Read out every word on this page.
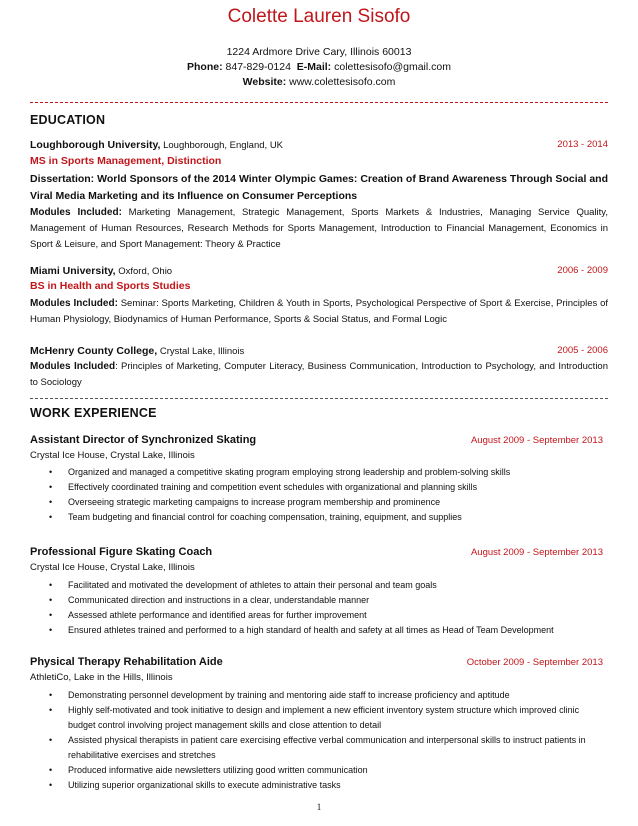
Colette Lauren Sisofo
1224 Ardmore Drive Cary, Illinois 60013
Phone: 847-829-0124 E-Mail: colettesisofo@gmail.com
Website: www.colettesisofo.com
EDUCATION
Loughborough University, Loughborough, England, UK	2013 - 2014
MS in Sports Management, Distinction
Dissertation: World Sponsors of the 2014 Winter Olympic Games: Creation of Brand Awareness Through Social and Viral Media Marketing and its Influence on Consumer Perceptions
Modules Included: Marketing Management, Strategic Management, Sports Markets & Industries, Managing Service Quality, Management of Human Resources, Research Methods for Sports Management, Introduction to Financial Management, Economics in Sport & Leisure, and Sport Management: Theory & Practice
Miami University, Oxford, Ohio	2006 - 2009
BS in Health and Sports Studies
Modules Included: Seminar: Sports Marketing, Children & Youth in Sports, Psychological Perspective of Sport & Exercise, Principles of Human Physiology, Biodynamics of Human Performance, Sports & Social Status, and Formal Logic
McHenry County College, Crystal Lake, Illinois	2005 - 2006
Modules Included: Principles of Marketing, Computer Literacy, Business Communication, Introduction to Psychology, and Introduction to Sociology
WORK EXPERIENCE
Assistant Director of Synchronized Skating	August 2009 - September 2013
Crystal Ice House, Crystal Lake, Illinois
• Organized and managed a competitive skating program employing strong leadership and problem-solving skills
• Effectively coordinated training and competition event schedules with organizational and planning skills
• Overseeing strategic marketing campaigns to increase program membership and prominence
• Team budgeting and financial control for coaching compensation, training, equipment, and supplies
Professional Figure Skating Coach	August 2009 - September 2013
Crystal Ice House, Crystal Lake, Illinois
• Facilitated and motivated the development of athletes to attain their personal and team goals
• Communicated direction and instructions in a clear, understandable manner
• Assessed athlete performance and identified areas for further improvement
• Ensured athletes trained and performed to a high standard of health and safety at all times as Head of Team Development
Physical Therapy Rehabilitation Aide	October 2009 - September 2013
AthletiCo, Lake in the Hills, Illinois
• Demonstrating personnel development by training and mentoring aide staff to increase proficiency and aptitude
• Highly self-motivated and took initiative to design and implement a new efficient inventory system structure which improved clinic budget control involving project management skills and close attention to detail
• Assisted physical therapists in patient care exercising effective verbal communication and interpersonal skills to instruct patients in rehabilitative exercises and stretches
• Produced informative aide newsletters utilizing good written communication
• Utilizing superior organizational skills to execute administrative tasks
1
